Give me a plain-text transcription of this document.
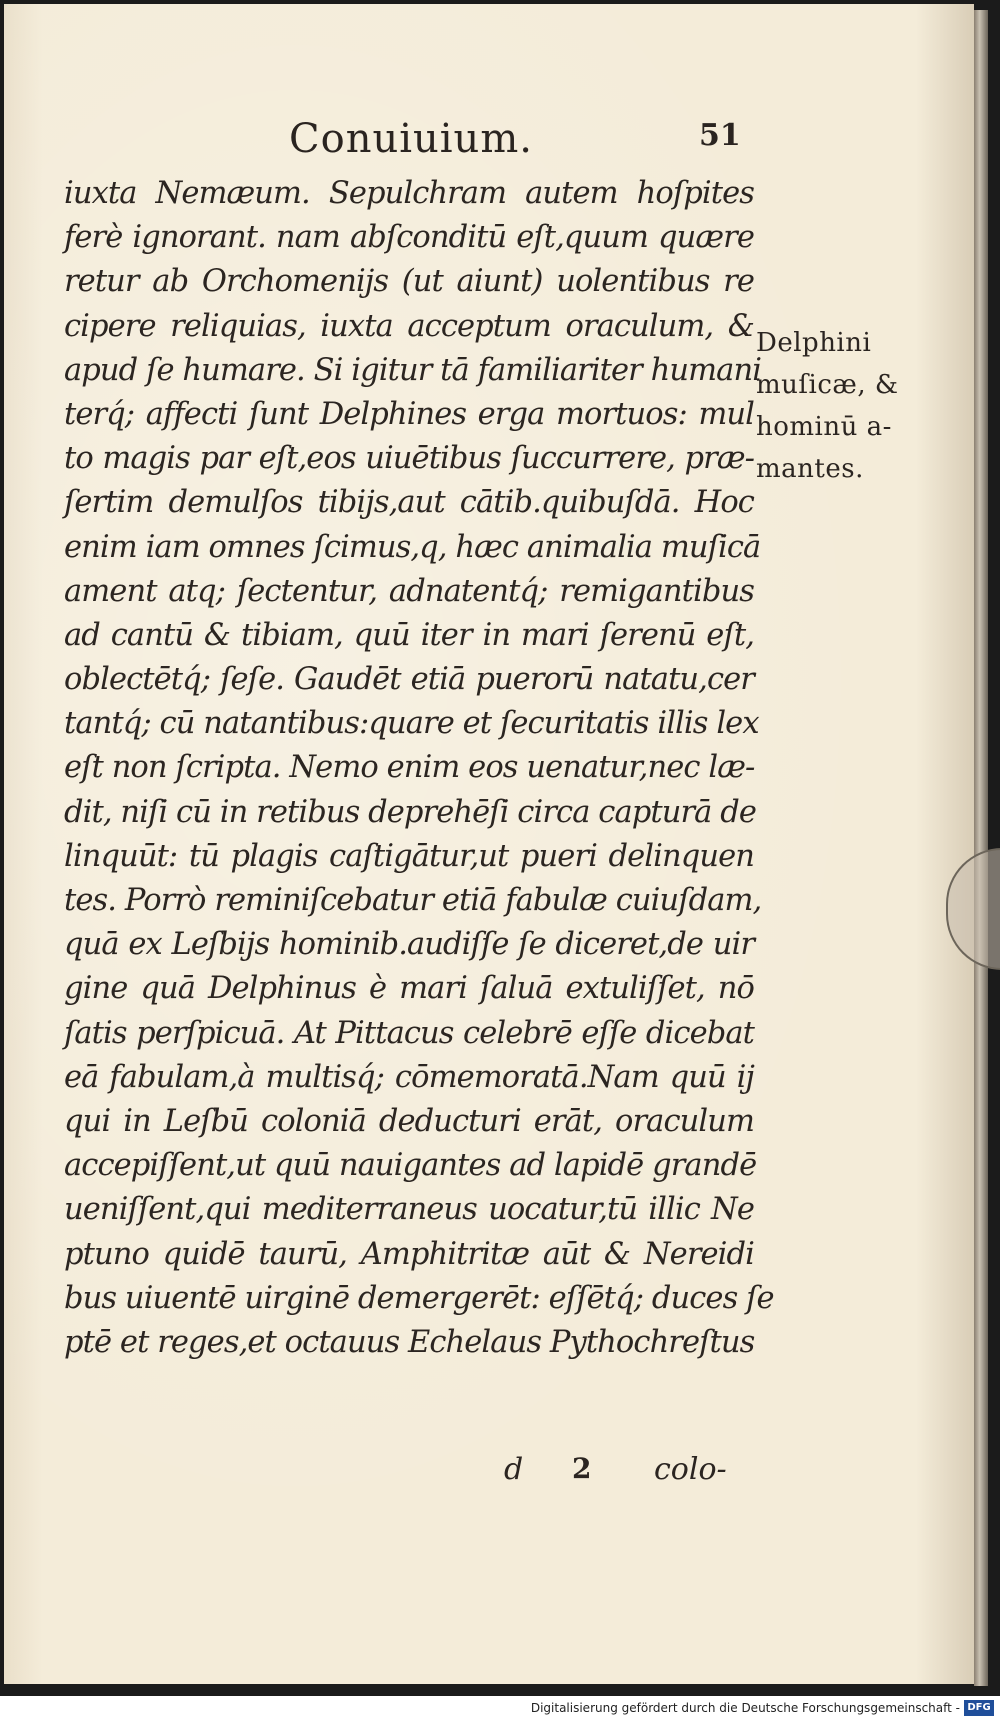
Conuiuium.	51
iuxta Nemæum. Sepulchram autem hoſpites
ferè ignorant. nam abſconditū eſt,quum quære
retur ab Orchomenijs (ut aiunt) uolentibus re
cipere reliquias, iuxta acceptum oraculum, &
apud ſe humare. Si igitur tā familiariter humani
terq́; affecti ſunt Delphines erga mortuos: mul
to magis par eſt,eos uiuētibus ſuccurrere, præ-
ſertim demulſos tibijs,aut cātib.quibuſdā. Hoc
enim iam omnes ſcimus,q, hæc animalia muſicā
ament atq; ſectentur, adnatentq́; remigantibus
ad cantū & tibiam, quū iter in mari ſerenū eſt,
oblectētq́; ſeſe. Gaudēt etiā puerorū natatu,cer
tantq́; cū natantibus:quare et ſecuritatis illis lex
eſt non ſcripta. Nemo enim eos uenatur,nec læ-
dit, niſi cū in retibus deprehēſi circa capturā de
linquūt: tū plagis caſtigātur,ut pueri delinquen
tes. Porrò reminiſcebatur etiā fabulæ cuiuſdam,
quā ex Leſbijs hominib.audiſſe ſe diceret,de uir
gine quā Delphinus è mari ſaluā extuliſſet, nō
ſatis perſpicuā. At Pittacus celebrē eſſe dicebat
eā fabulam,à multisq́; cōmemoratā.Nam quū ij
qui in Leſbū coloniā deducturi erāt, oraculum
accepiſſent,ut quū nauigantes ad lapidē grandē
ueniſſent,qui mediterraneus uocatur,tū illic Ne
ptuno quidē taurū, Amphitritæ aūt & Nereidi
bus uiuentē uirginē demergerēt: eſſētq́; duces ſe
ptē et reges,et octauus Echelaus Pythochreſtus
Delphini
muſicæ, &
hominū a-
mantes.
d 2 colo-
Digitalisierung gefördert durch die Deutsche Forschungsgemeinschaft - DFG
